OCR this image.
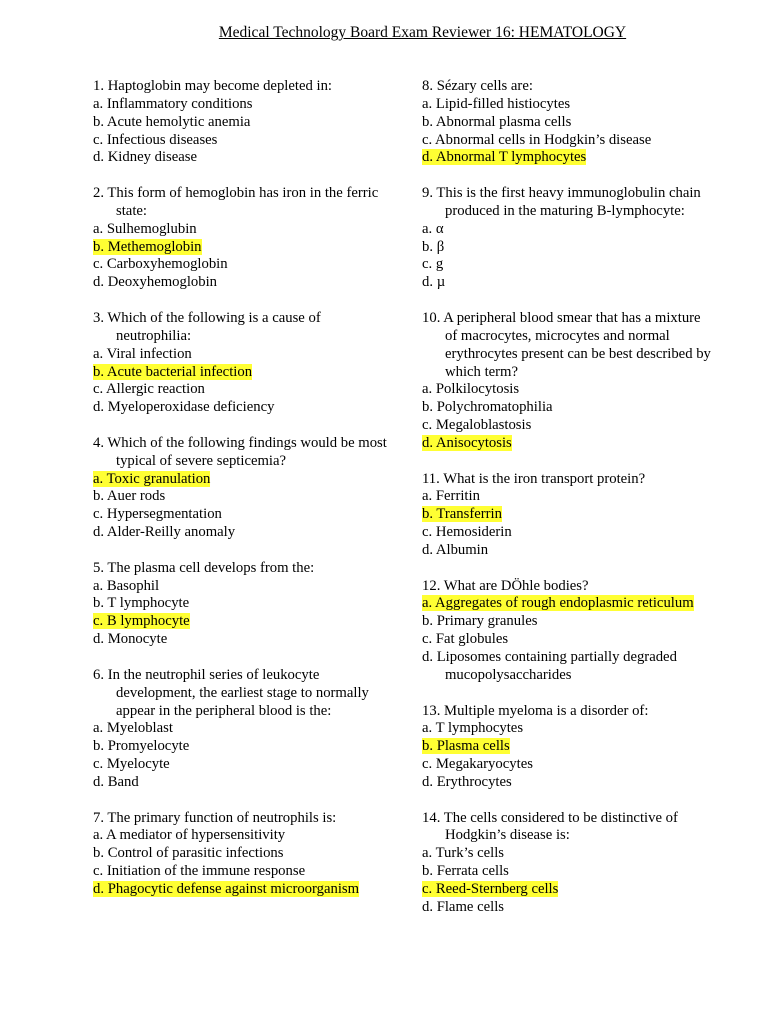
Medical Technology Board Exam Reviewer 16: HEMATOLOGY
1. Haptoglobin may become depleted in:
a. Inflammatory conditions
b. Acute hemolytic anemia
c. Infectious diseases
d. Kidney disease
2. This form of hemoglobin has iron in the ferric
state:
a. Sulhemoglubin
b. Methemoglobin
c. Carboxyhemoglobin
d. Deoxyhemoglobin
3. Which of the following is a cause of
neutrophilia:
a. Viral infection
b. Acute bacterial infection
c. Allergic reaction
d. Myeloperoxidase deficiency
4. Which of the following findings would be most
typical of severe septicemia?
a. Toxic granulation
b. Auer rods
c. Hypersegmentation
d. Alder-Reilly anomaly
5. The plasma cell develops from the:
a. Basophil
b. T lymphocyte
c. B lymphocyte
d. Monocyte
6. In the neutrophil series of leukocyte
development, the earliest stage to normally
appear in the peripheral blood is the:
a. Myeloblast
b. Promyelocyte
c. Myelocyte
d. Band
7. The primary function of neutrophils is:
a. A mediator of hypersensitivity
b. Control of parasitic infections
c. Initiation of the immune response
d. Phagocytic defense against microorganism
8. Sézary cells are:
a. Lipid-filled histiocytes
b. Abnormal plasma cells
c. Abnormal cells in Hodgkin’s disease
d. Abnormal T lymphocytes
9. This is the first heavy immunoglobulin chain
produced in the maturing B-lymphocyte:
a. α
b. β
c. g
d. µ
10. A peripheral blood smear that has a mixture
of macrocytes, microcytes and normal
erythrocytes present can be best described by
which term?
a. Polkilocytosis
b. Polychromatophilia
c. Megaloblastosis
d. Anisocytosis
11. What is the iron transport protein?
a. Ferritin
b. Transferrin
c. Hemosiderin
d. Albumin
12. What are DÖhle bodies?
a. Aggregates of rough endoplasmic reticulum
b. Primary granules
c. Fat globules
d. Liposomes containing partially degraded
mucopolysaccharides
13. Multiple myeloma is a disorder of:
a. T lymphocytes
b. Plasma cells
c. Megakaryocytes
d. Erythrocytes
14. The cells considered to be distinctive of
Hodgkin’s disease is:
a. Turk’s cells
b. Ferrata cells
c. Reed-Sternberg cells
d. Flame cells
